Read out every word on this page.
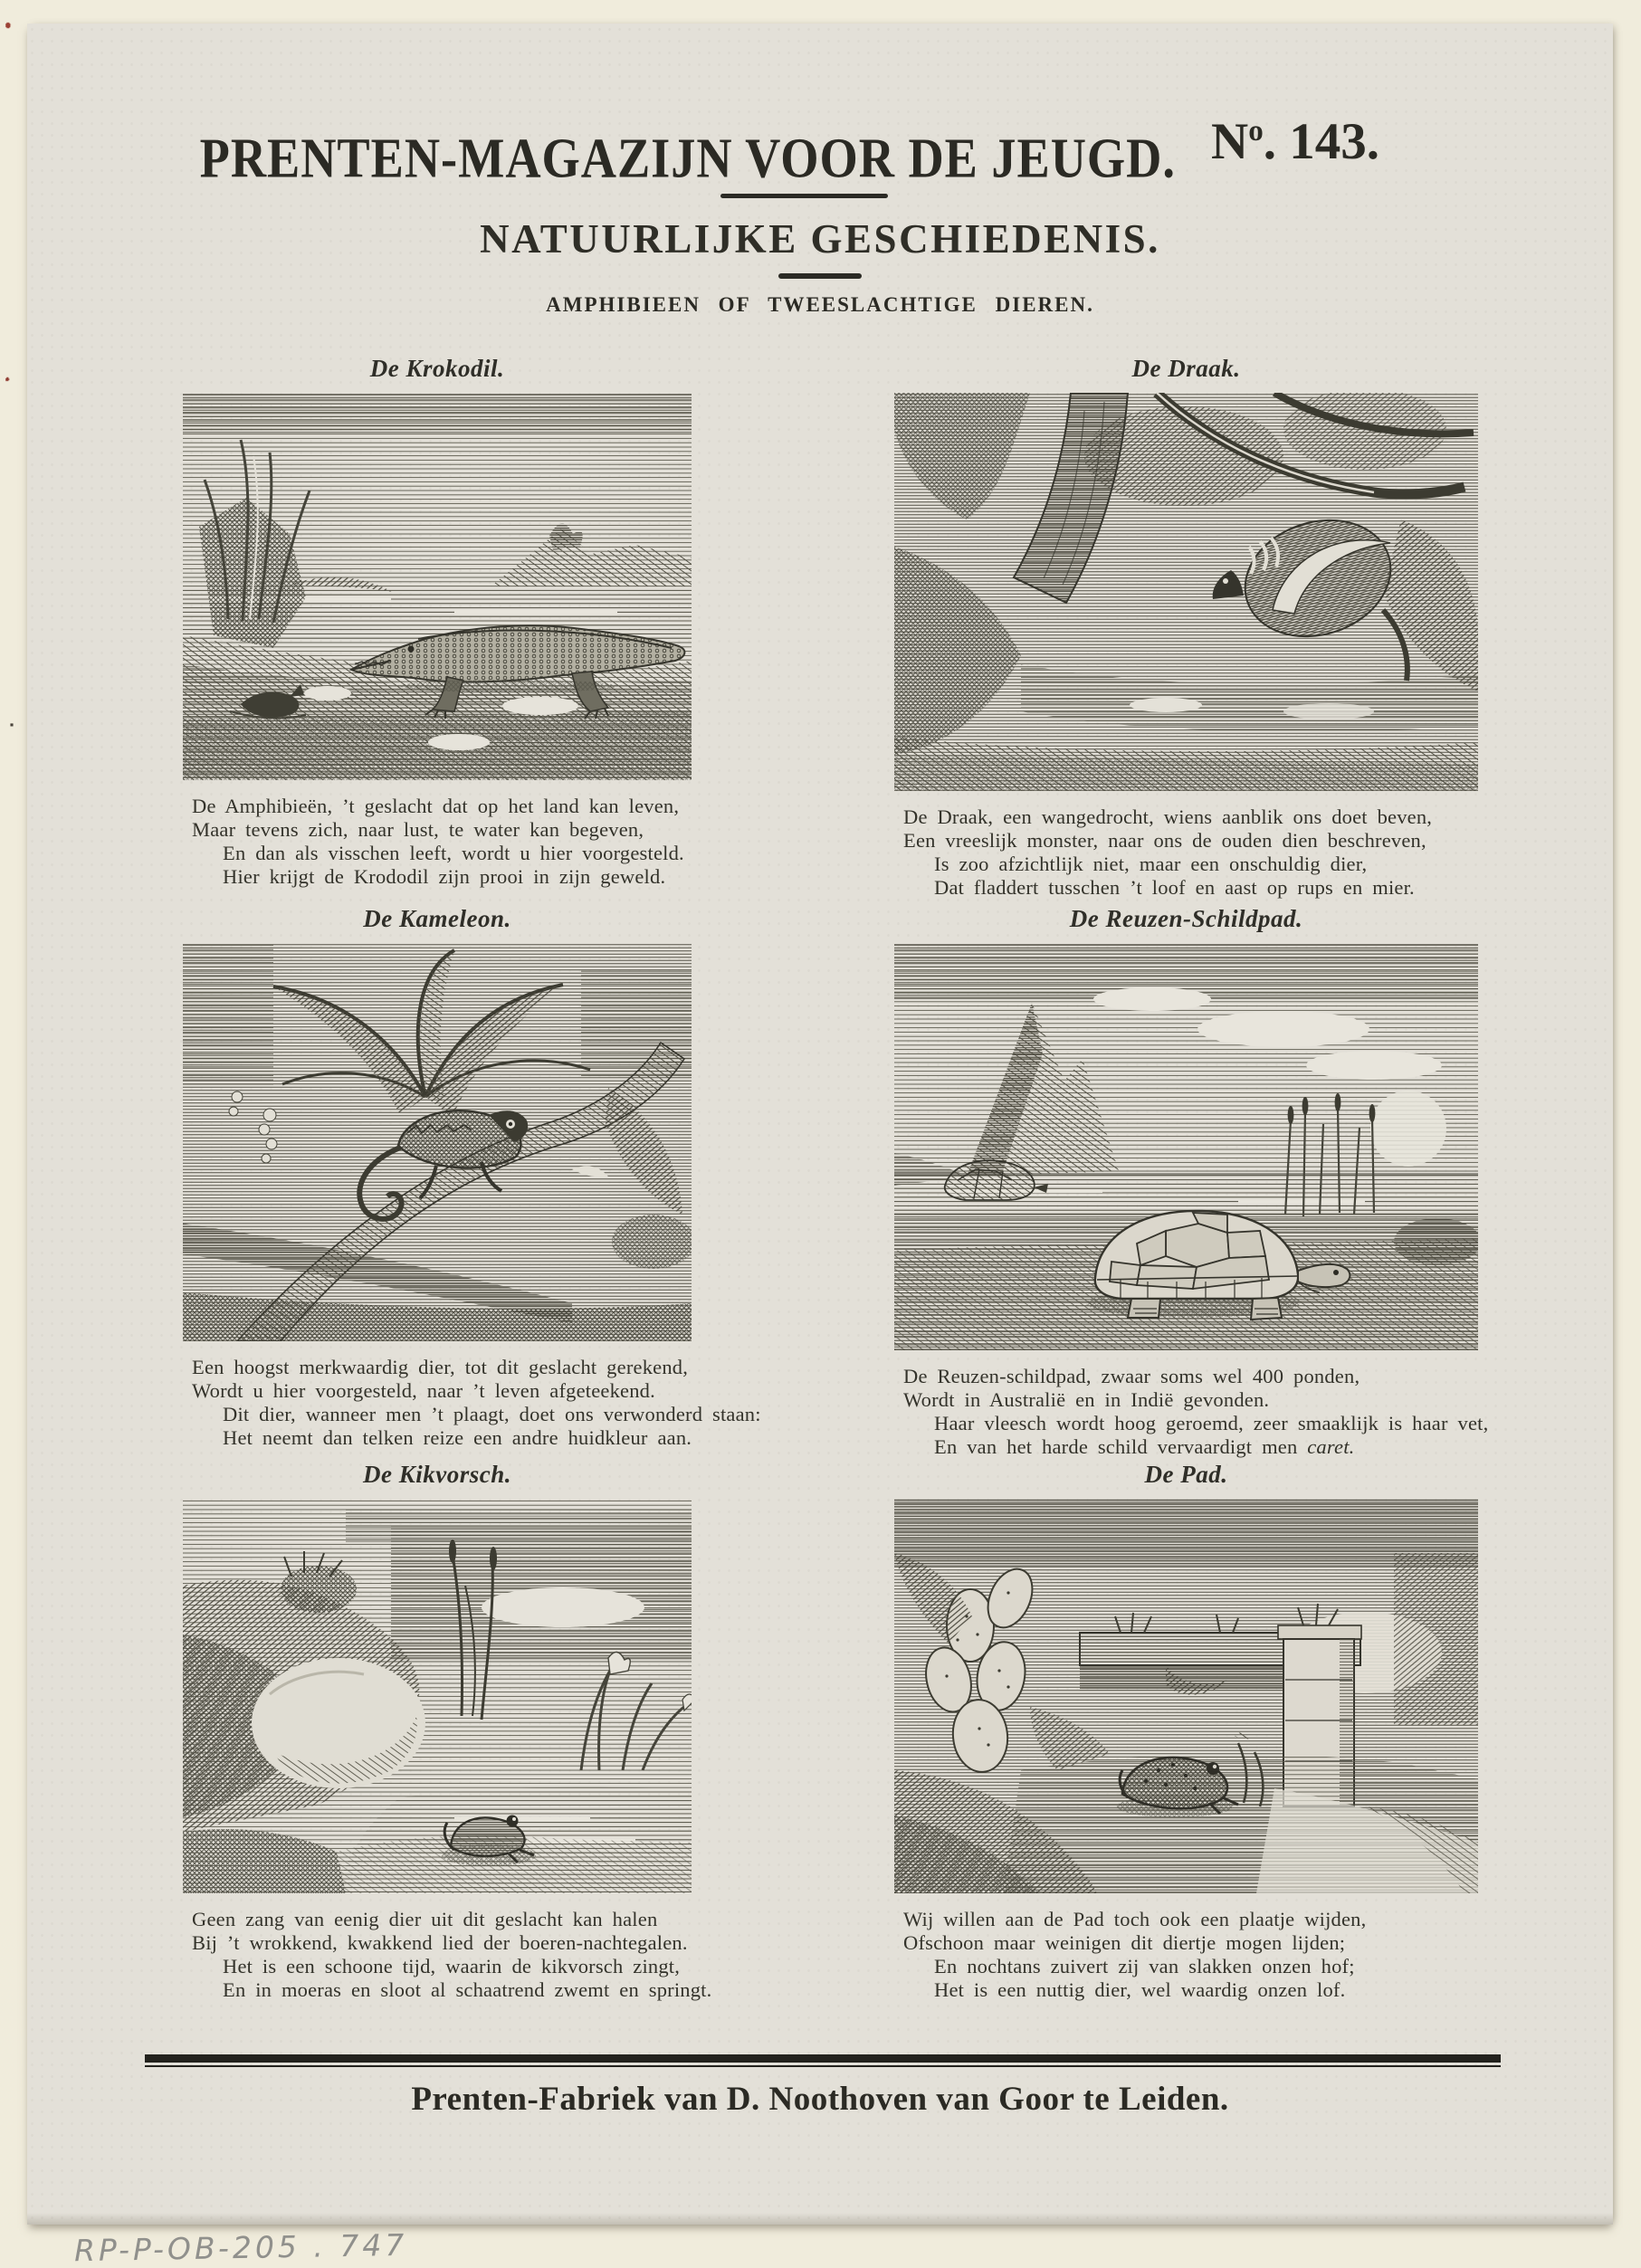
PRENTEN-MAGAZIJN VOOR DE JEUGD. $N^o$. 143.
NATUURLIJKE GESCHIEDENIS.
AMPHIBIEEN OF TWEESLACHTIGE DIEREN.
De Krokodil.
De Amphibieën, ’t geslacht dat op het land kan leven,
Maar tevens zich, naar lust, te water kan begeven,
En dan als visschen leeft, wordt u hier voorgesteld.
Hier krijgt de Krododil zijn prooi in zijn geweld.
De Draak.
De Draak, een wangedrocht, wiens aanblik ons doet beven,
Een vreeslijk monster, naar ons de ouden dien beschreven,
Is zoo afzichtlijk niet, maar een onschuldig dier,
Dat fladdert tusschen ’t loof en aast op rups en mier.
De Kameleon.
Een hoogst merkwaardig dier, tot dit geslacht gerekend,
Wordt u hier voorgesteld, naar ’t leven afgeteekend.
Dit dier, wanneer men ’t plaagt, doet ons verwonderd staan:
Het neemt dan telken reize een andre huidkleur aan.
De Reuzen-Schildpad.
De Reuzen-schildpad, zwaar soms wel 400 ponden,
Wordt in Australië en in Indië gevonden.
Haar vleesch wordt hoog geroemd, zeer smaaklijk is haar vet,
En van het harde schild vervaardigt men caret.
De Kikvorsch.
Geen zang van eenig dier uit dit geslacht kan halen
Bij ’t wrokkend, kwakkend lied der boeren-nachtegalen.
Het is een schoone tijd, waarin de kikvorsch zingt,
En in moeras en sloot al schaatrend zwemt en springt.
De Pad.
Wij willen aan de Pad toch ook een plaatje wijden,
Ofschoon maar weinigen dit diertje mogen lijden;
En nochtans zuivert zij van slakken onzen hof;
Het is een nuttig dier, wel waardig onzen lof.

Prenten-Fabriek van D. Noothoven van Goor te Leiden.

RP-P-OB-205 . 747
